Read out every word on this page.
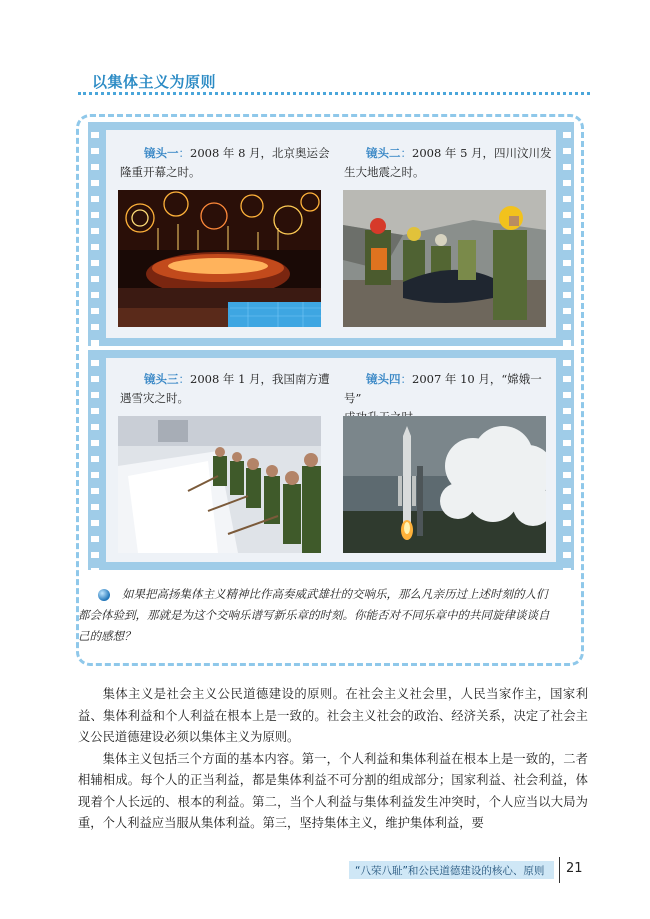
以集体主义为原则
镜头一：2008 年 8 月，北京奥运会
隆重开幕之时。
镜头二：2008 年 5 月，四川汶川发
生大地震之时。
镜头三：2008 年 1 月，我国南方遭
遇雪灾之时。
镜头四：2007 年 10 月，“嫦娥一号”

如果把高扬集体主义精神比作高奏威武雄壮的交响乐，那么凡亲历过上述时刻的人们
都会体验到，那就是为这个交响乐谱写新乐章的时刻。你能否对不同乐章中的共同旋律谈谈自
己的感想？

集体主义是社会主义公民道德建设的原则。在社会主义社会里，人民当家作主，国家利益、集体利益和个人利益在根本上是一致的。社会主义社会的政治、经济关系，决定了社会主义公民道德建设必须以集体主义为原则。

集体主义包括三个方面的基本内容。第一，个人利益和集体利益在根本上是一致的，二者相辅相成。每个人的正当利益，都是集体利益不可分割的组成部分；国家利益、社会利益，体现着个人长远的、根本的利益。第二，当个人利益与集体利益发生冲突时，个人应当以大局为重，个人利益应当服从集体利益。第三，坚持集体主义，维护集体利益，要

“八荣八耻”和公民道德建设的核心、原则 21
